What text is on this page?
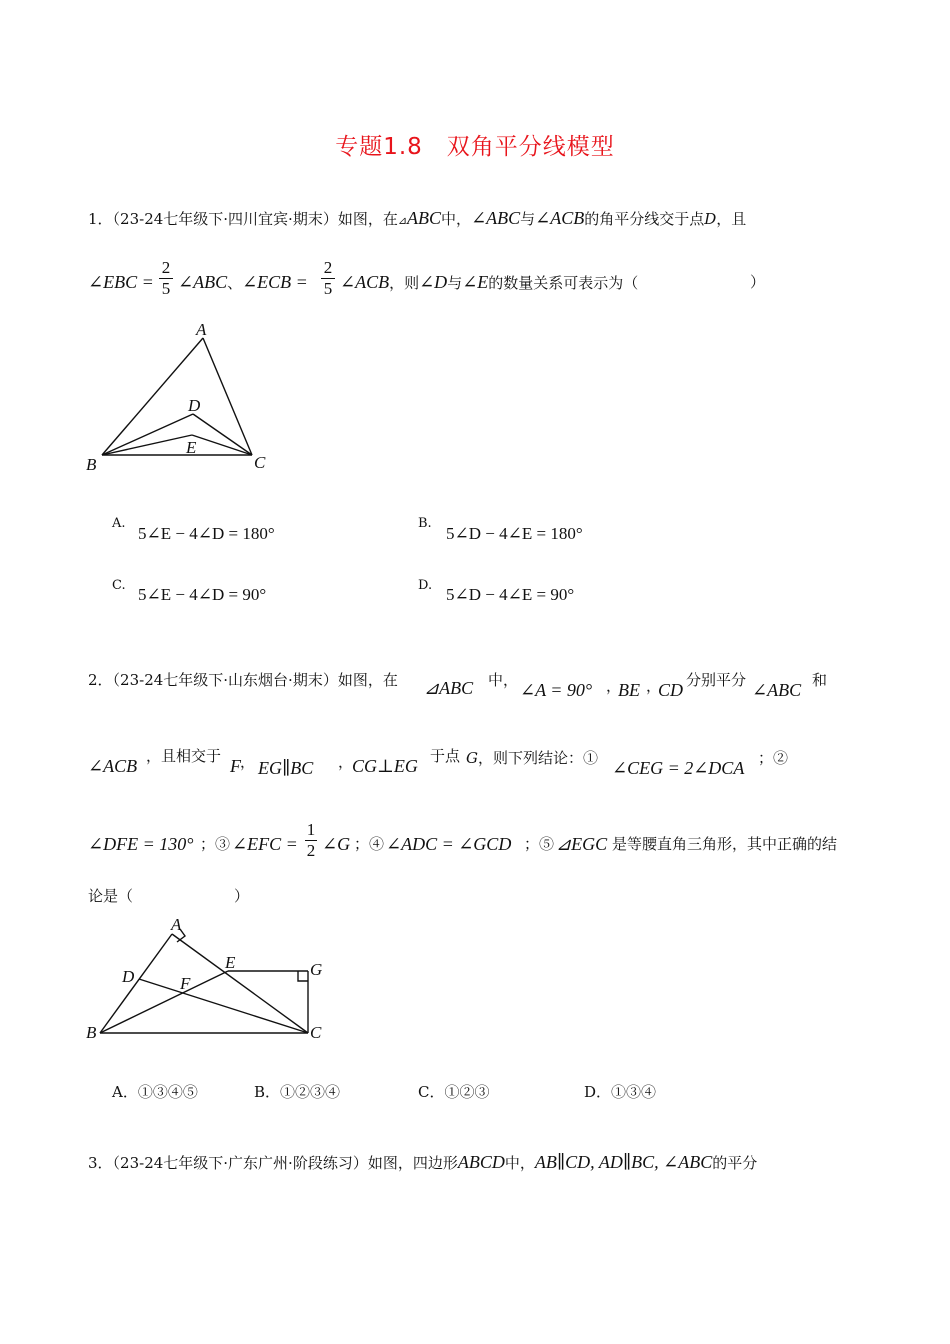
专题1.8　双角平分线模型
1．（23-24七年级下·四川宜宾·期末）如图，在⊿ABC中，∠ABC与∠ACB的角平分线交于点D，且
∠EBC =
2
5 ∠ABC、∠ECB =
2
5 ∠ACB，则∠D与∠E的数量关系可表示为（	）
A
B	C
D
E
A.
5∠E − 4∠D = 180°
B.
5∠D − 4∠E = 180°
C. 5∠E − 4∠D = 90°	D. 5∠D − 4∠E = 90°
2．（23-24七年级下·山东烟台·期末）如图，在 ⊿ABC 中， ∠A = 90° ，
BE ，
CD 分别平分 ∠ABC 和
∠ACB ，且相交于 F ， EG∥BC ，
CG⊥EG 于点 G，则下列结论：① ∠CEG = 2∠DCA ；②
∠DFE = 130° ；③ ∠EFC =
1
2 ∠G ；④ ∠ADC = ∠GCD ；⑤ ⊿EGC 是等腰直角三角形，其中正确的结
论是（	）
A
B	C
D
E
F
G
A．①③④⑤	B．①②③④	C．①②③	D．①③④
3．（23-24七年级下·广东广州·阶段练习）如图，四边形ABCD中，AB∥CD, AD∥BC, ∠ABC的平分
